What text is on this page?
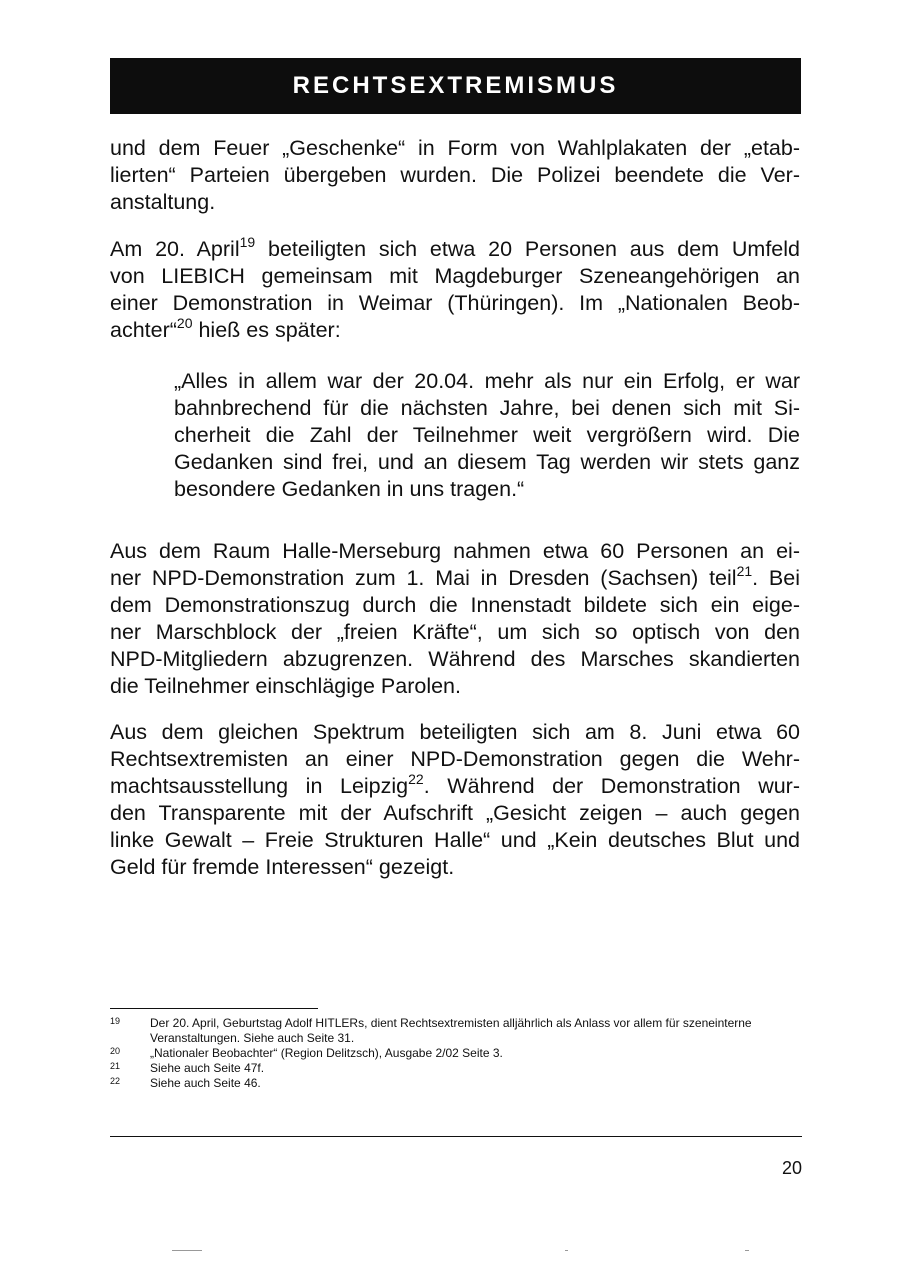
RECHTSEXTREMISMUS
und dem Feuer „Geschenke“ in Form von Wahlplakaten der „etab-
lierten“ Parteien übergeben wurden. Die Polizei beendete die Ver-
anstaltung.
Am 20. April$^{19}$ beteiligten sich etwa 20 Personen aus dem Umfeld
von LIEBICH gemeinsam mit Magdeburger Szeneangehörigen an
einer Demonstration in Weimar (Thüringen). Im „Nationalen Beob-
achter“$^{20}$ hieß es später:
„Alles in allem war der 20.04. mehr als nur ein Erfolg, er war
bahnbrechend für die nächsten Jahre, bei denen sich mit Si-
cherheit die Zahl der Teilnehmer weit vergrößern wird. Die
Gedanken sind frei, und an diesem Tag werden wir stets ganz
besondere Gedanken in uns tragen.“
Aus dem Raum Halle-Merseburg nahmen etwa 60 Personen an ei-
ner NPD-Demonstration zum 1. Mai in Dresden (Sachsen) teil$^{21}$. Bei
dem Demonstrationszug durch die Innenstadt bildete sich ein eige-
ner Marschblock der „freien Kräfte“, um sich so optisch von den
NPD-Mitgliedern abzugrenzen. Während des Marsches skandierten
die Teilnehmer einschlägige Parolen.
Aus dem gleichen Spektrum beteiligten sich am 8. Juni etwa 60
Rechtsextremisten an einer NPD-Demonstration gegen die Wehr-
machtsausstellung in Leipzig$^{22}$. Während der Demonstration wur-
den Transparente mit der Aufschrift „Gesicht zeigen – auch gegen
linke Gewalt – Freie Strukturen Halle“ und „Kein deutsches Blut und
Geld für fremde Interessen“ gezeigt.
19	Der 20. April, Geburtstag Adolf HITLERs, dient Rechtsextremisten alljährlich als Anlass vor allem für szeneinterne Veranstaltungen. Siehe auch Seite 31.
20	„Nationaler Beobachter“ (Region Delitzsch), Ausgabe 2/02 Seite 3.
21	Siehe auch Seite 47f.
22	Siehe auch Seite 46.
20
